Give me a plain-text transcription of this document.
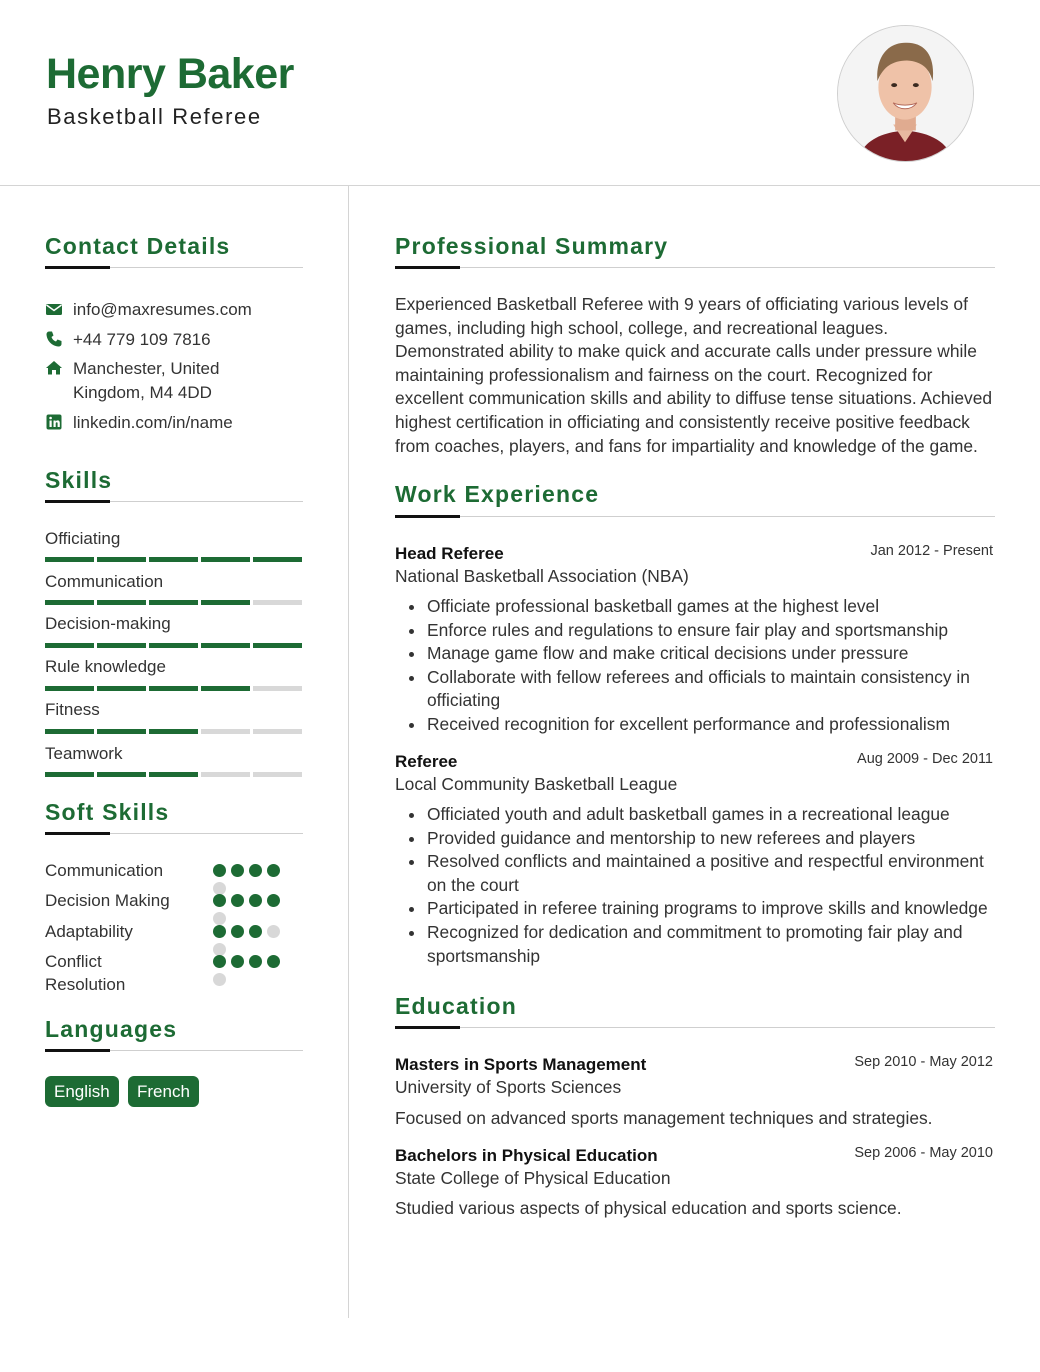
Henry Baker
Basketball Referee
Contact Details
info@maxresumes.com
+44 779 109 7816
Manchester, United
Kingdom, M4 4DD
linkedin.com/in/name
Skills
Officiating
Communication
Decision-making
Rule knowledge
Fitness
Teamwork
Soft Skills
Communication
Decision Making
Adaptability
Conflict
Resolution
Languages
English	French
Professional Summary
Experienced Basketball Referee with 9 years of officiating various levels of games, including high school, college, and recreational leagues. Demonstrated ability to make quick and accurate calls under pressure while maintaining professionalism and fairness on the court. Recognized for excellent communication skills and ability to diffuse tense situations. Achieved highest certification in officiating and consistently receive positive feedback from coaches, players, and fans for impartiality and knowledge of the game.
Work Experience
Head Referee	Jan 2012 - Present
National Basketball Association (NBA)
Officiate professional basketball games at the highest level
Enforce rules and regulations to ensure fair play and sportsmanship
Manage game flow and make critical decisions under pressure
Collaborate with fellow referees and officials to maintain consistency in officiating
Received recognition for excellent performance and professionalism
Referee	Aug 2009 - Dec 2011
Local Community Basketball League
Officiated youth and adult basketball games in a recreational league
Provided guidance and mentorship to new referees and players
Resolved conflicts and maintained a positive and respectful environment on the court
Participated in referee training programs to improve skills and knowledge
Recognized for dedication and commitment to promoting fair play and sportsmanship
Education
Masters in Sports Management	Sep 2010 - May 2012
University of Sports Sciences
Focused on advanced sports management techniques and strategies.
Bachelors in Physical Education	Sep 2006 - May 2010
State College of Physical Education
Studied various aspects of physical education and sports science.
